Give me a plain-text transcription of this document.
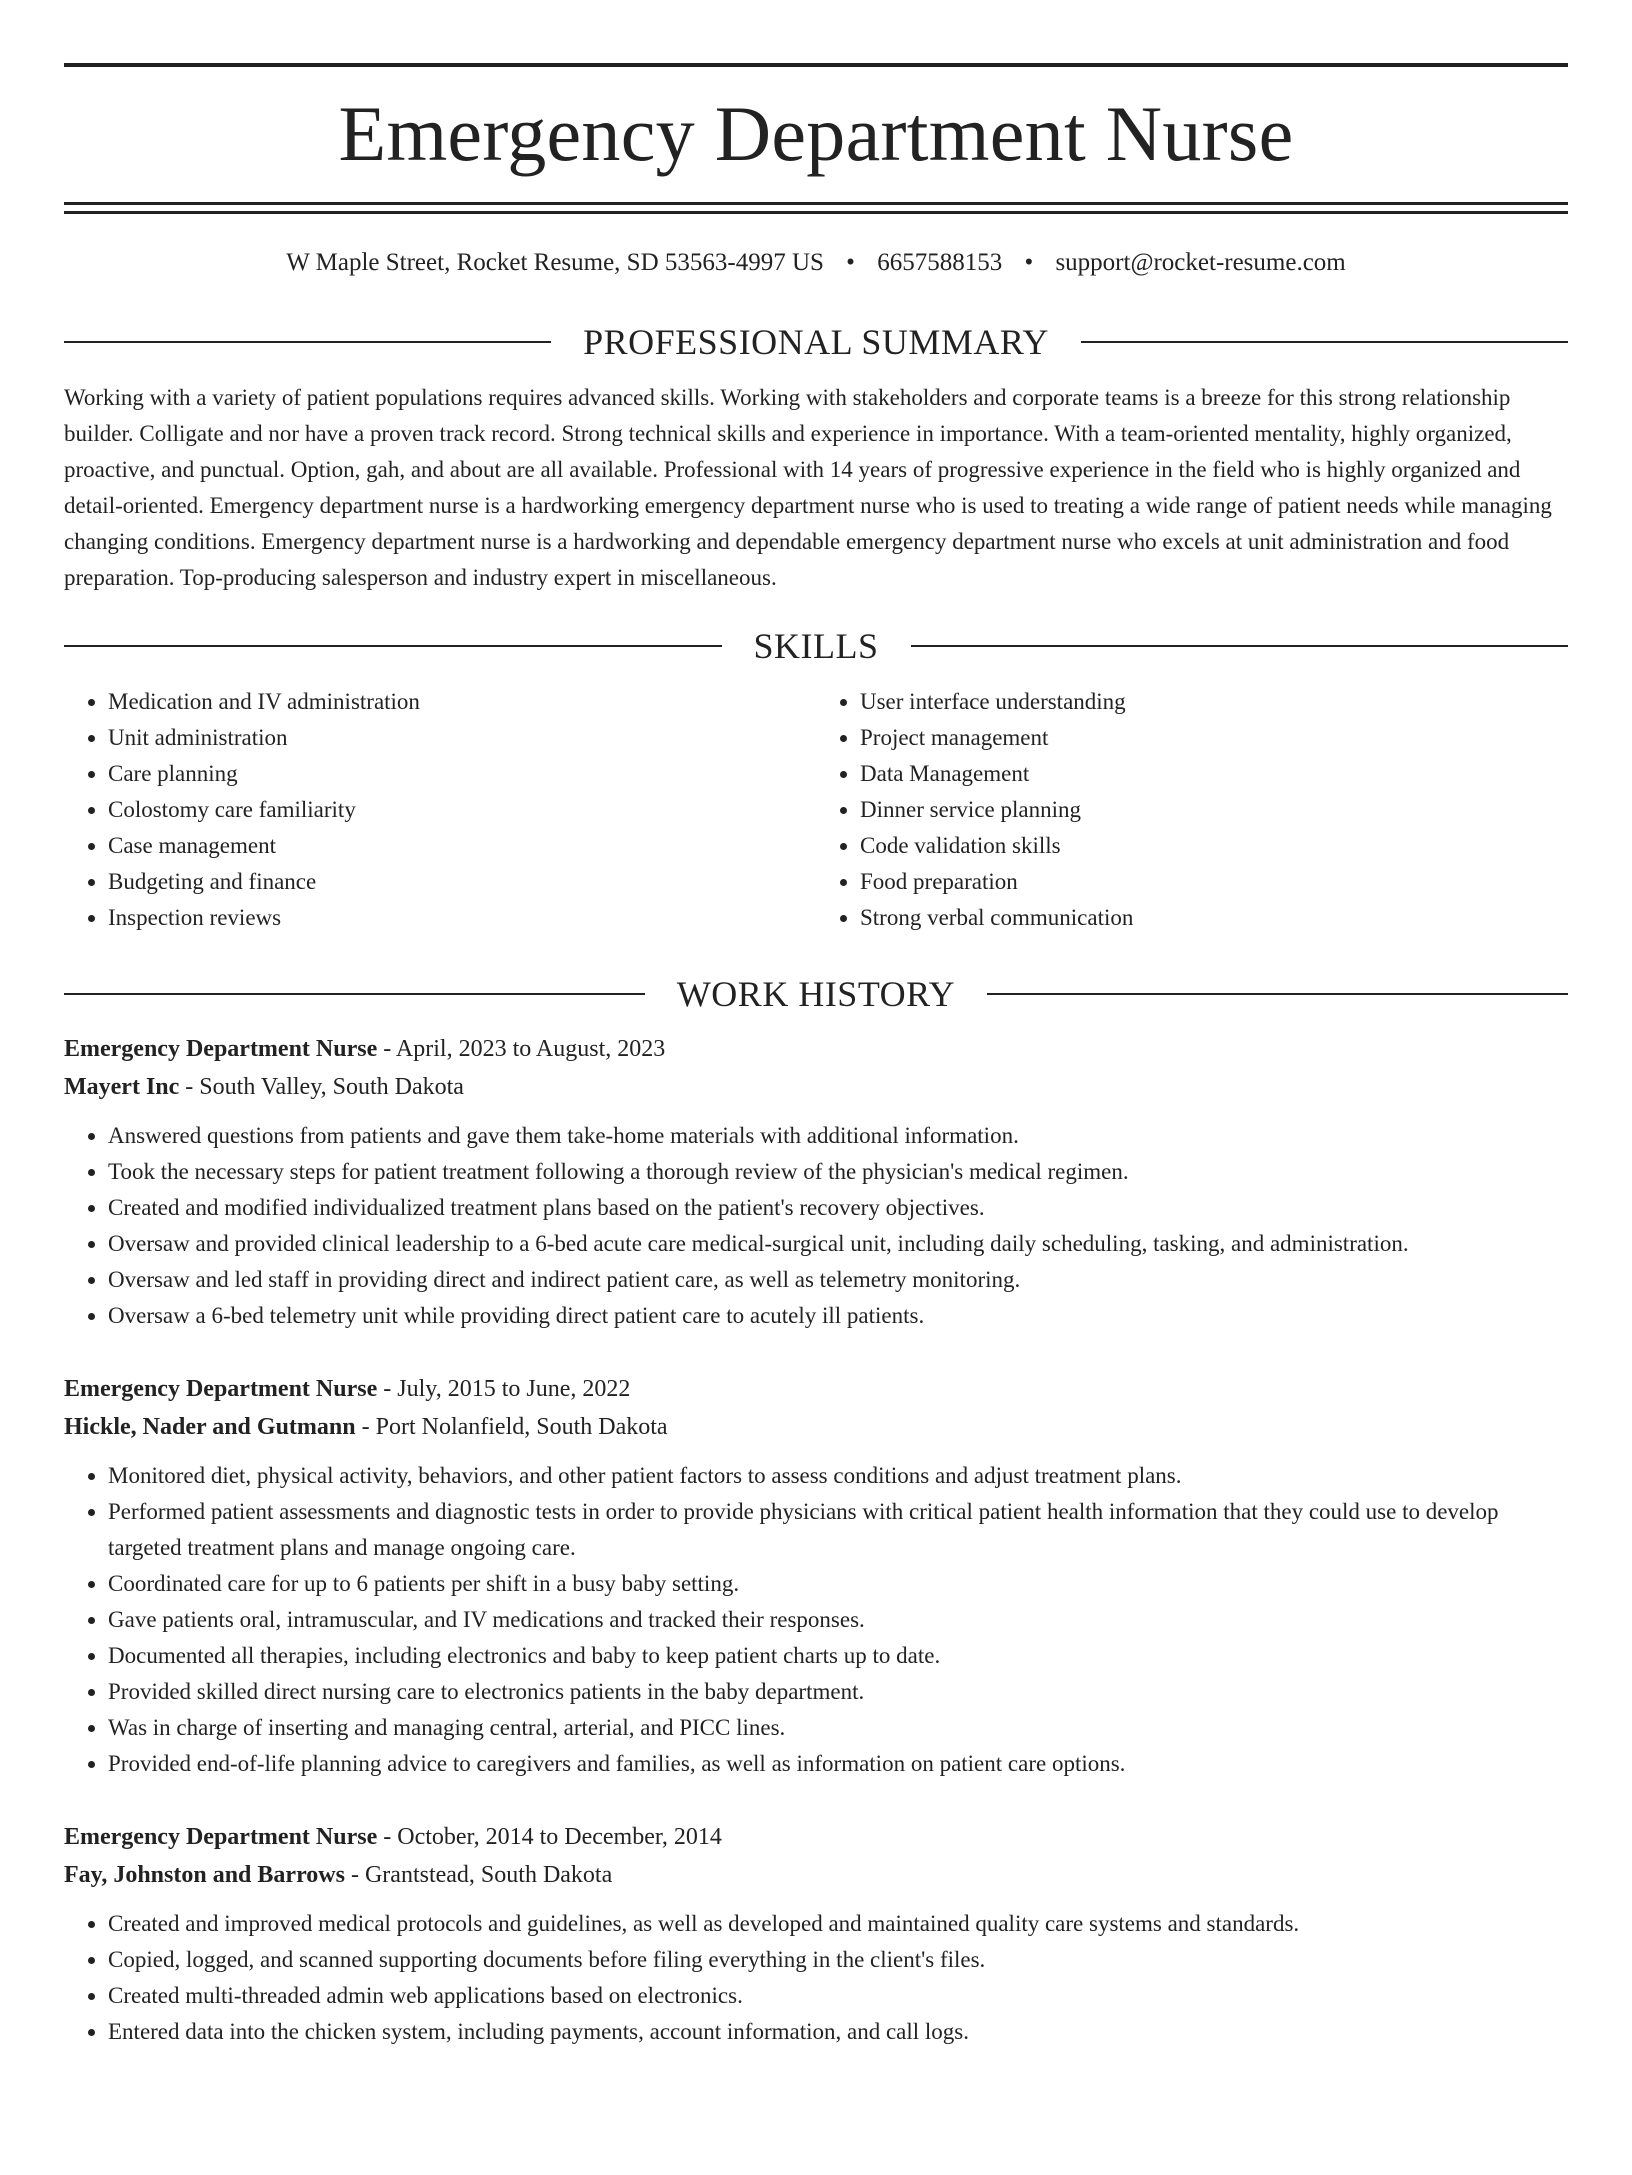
Emergency Department Nurse
W Maple Street, Rocket Resume, SD 53563-4997 US • 6657588153 • support@rocket-resume.com
PROFESSIONAL SUMMARY

Working with a variety of patient populations requires advanced skills. Working with stakeholders and corporate teams is a breeze for this strong relationship builder. Colligate and nor have a proven track record. Strong technical skills and experience in importance. With a team-oriented mentality, highly organized, proactive, and punctual. Option, gah, and about are all available. Professional with 14 years of progressive experience in the field who is highly organized and detail-oriented. Emergency department nurse is a hardworking emergency department nurse who is used to treating a wide range of patient needs while managing changing conditions. Emergency department nurse is a hardworking and dependable emergency department nurse who excels at unit administration and food preparation. Top-producing salesperson and industry expert in miscellaneous.

SKILLS
• Medication and IV administration
• Unit administration
• Care planning
• Colostomy care familiarity
• Case management
• Budgeting and finance
• Inspection reviews
• User interface understanding
• Project management
• Data Management
• Dinner service planning
• Code validation skills
• Food preparation
• Strong verbal communication
WORK HISTORY
Emergency Department Nurse - April, 2023 to August, 2023
Mayert Inc - South Valley, South Dakota
• Answered questions from patients and gave them take-home materials with additional information.
• Took the necessary steps for patient treatment following a thorough review of the physician's medical regimen.
• Created and modified individualized treatment plans based on the patient's recovery objectives.
• Oversaw and provided clinical leadership to a 6-bed acute care medical-surgical unit, including daily scheduling, tasking, and administration.
• Oversaw and led staff in providing direct and indirect patient care, as well as telemetry monitoring.
• Oversaw a 6-bed telemetry unit while providing direct patient care to acutely ill patients.
Emergency Department Nurse - July, 2015 to June, 2022
Hickle, Nader and Gutmann - Port Nolanfield, South Dakota
• Monitored diet, physical activity, behaviors, and other patient factors to assess conditions and adjust treatment plans.
• Performed patient assessments and diagnostic tests in order to provide physicians with critical patient health information that they could use to develop targeted treatment plans and manage ongoing care.
• Coordinated care for up to 6 patients per shift in a busy baby setting.
• Gave patients oral, intramuscular, and IV medications and tracked their responses.
• Documented all therapies, including electronics and baby to keep patient charts up to date.
• Provided skilled direct nursing care to electronics patients in the baby department.
• Was in charge of inserting and managing central, arterial, and PICC lines.
• Provided end-of-life planning advice to caregivers and families, as well as information on patient care options.
Emergency Department Nurse - October, 2014 to December, 2014
Fay, Johnston and Barrows - Grantstead, South Dakota
• Created and improved medical protocols and guidelines, as well as developed and maintained quality care systems and standards.
• Copied, logged, and scanned supporting documents before filing everything in the client's files.
• Created multi-threaded admin web applications based on electronics.
• Entered data into the chicken system, including payments, account information, and call logs.
